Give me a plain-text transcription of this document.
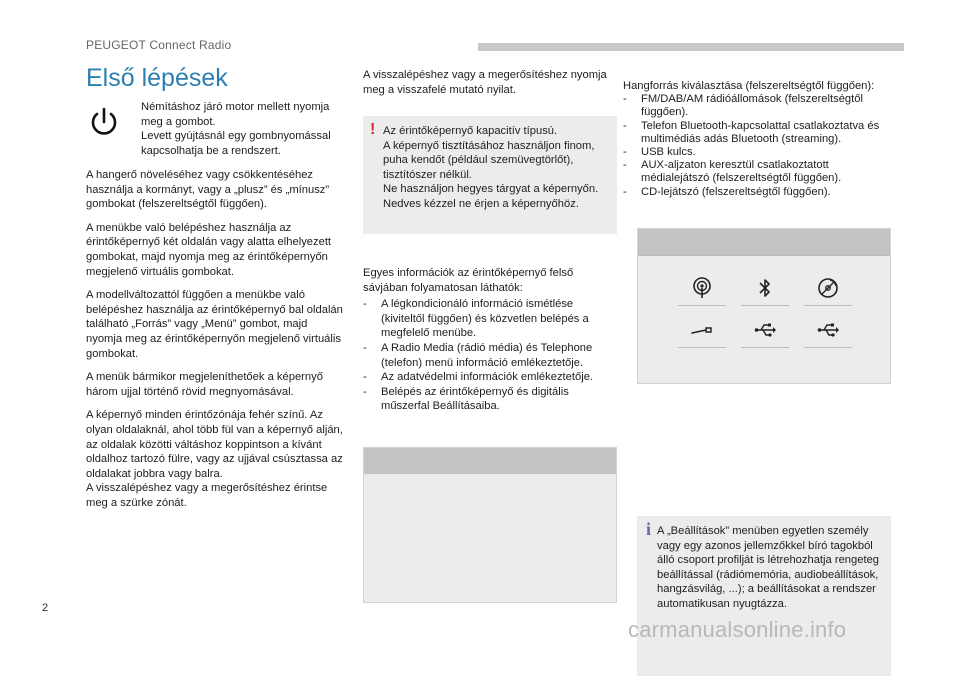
PEUGEOT Connect Radio
Első lépések
Némításhoz járó motor mellett nyomja meg a gombot.
Levett gyújtásnál egy gombnyomással kapcsolhatja be a rendszert.

A hangerő növeléséhez vagy csökkentéséhez használja a kormányt, vagy a „plusz” és „mínusz” gombokat (felszereltségtől függően).

A menükbe való belépéshez használja az érintőképernyő két oldalán vagy alatta elhelyezett gombokat, majd nyomja meg az érintőképernyőn megjelenő virtuális gombokat.

A modellváltozattól függően a menükbe való belépéshez használja az érintőképernyő bal oldalán található „Forrás” vagy „Menü” gombot, majd nyomja meg az érintőképernyőn megjelenő virtuális gombokat.

A menük bármikor megjeleníthetőek a képernyő három ujjal történő rövid megnyomásával.

A képernyő minden érintőzónája fehér színű. Az olyan oldalaknál, ahol több fül van a képernyő alján, az oldalak közötti váltáshoz koppintson a kívánt oldalhoz tartozó fülre, vagy az ujjával csúsztassa az oldalakat jobbra vagy balra.

A visszalépéshez vagy a megerősítéshez érintse meg a szürke zónát.

A visszalépéshez vagy a megerősítéshez nyomja meg a visszafelé mutató nyilat.

! Az érintőképernyő kapacitív típusú.
A képernyő tisztításához használjon finom, puha kendőt (például szemüvegtörlőt), tisztítószer nélkül.
Ne használjon hegyes tárgyat a képernyőn.
Nedves kézzel ne érjen a képernyőhöz.

Egyes információk az érintőképernyő felső sávjában folyamatosan láthatók:

-	A légkondicionáló információ ismétlése (kiviteltől függően) és közvetlen belépés a megfelelő menübe.
-	A Radio Media (rádió média) és Telephone (telefon) menü információ emlékeztetője.
-	Az adatvédelmi információk emlékeztetője.
-	Belépés az érintőképernyő és digitális műszerfal Beállításaiba.

Hangforrás kiválasztása (felszereltségtől függően):

-	FM/DAB/AM rádióállomások (felszereltségtől függően).
-	Telefon Bluetooth-kapcsolattal csatlakoztatva és multimédiás adás Bluetooth (streaming).
-	USB kulcs.
-	AUX-aljzaton keresztül csatlakoztatott médialejátszó (felszereltségtől függően).
-	CD-lejátszó (felszereltségtől függően).
i A „Beállítások” menüben egyetlen személy vagy egy azonos jellemzőkkel bíró tagokból álló csoport profilját is létrehozhatja rengeteg beállítással (rádiómemória, audiobeállítások, hangzásvilág, ...); a beállításokat a rendszer automatikusan nyugtázza.
2
carmanualsonline.info
